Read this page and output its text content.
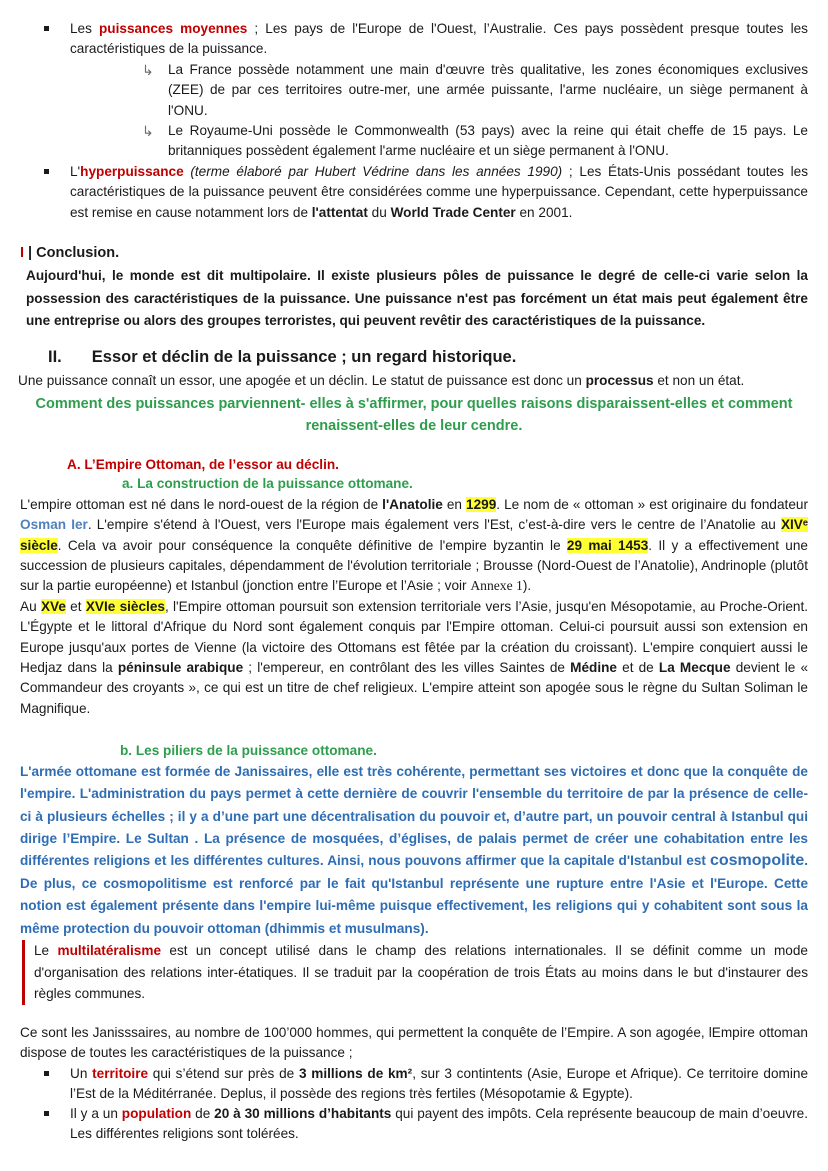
Les puissances moyennes ; Les pays de l'Europe de l'Ouest, l’Australie. Ces pays possèdent presque toutes les caractéristiques de la puissance.
↳ La France possède notamment une main d'œuvre très qualitative, les zones économiques exclusives (ZEE) de par ces territoires outre-mer, une armée puissante, l'arme nucléaire, un siège permanent à l'ONU.
↳ Le Royaume-Uni possède le Commonwealth (53 pays) avec la reine qui était cheffe de 15 pays. Le britanniques possèdent également l'arme nucléaire et un siège permanent à l'ONU.
L'hyperpuissance (terme élaboré par Hubert Védrine dans les années 1990) ; Les États-Unis possédant toutes les caractéristiques de la puissance peuvent être considérées comme une hyperpuissance. Cependant, cette hyperpuissance est remise en cause notamment lors de l'attentat du World Trade Center en 2001.

I | Conclusion.

Aujourd'hui, le monde est dit multipolaire. Il existe plusieurs pôles de puissance le degré de celle-ci varie selon la possession des caractéristiques de la puissance. Une puissance n'est pas forcément un état mais peut également être une entreprise ou alors des groupes terroristes, qui peuvent revêtir des caractéristiques de la puissance.

II. Essor et déclin de la puissance ; un regard historique.

Une puissance connaît un essor, une apogée et un déclin. Le statut de puissance est donc un processus et non un état.

Comment des puissances parviennent- elles à s'affirmer, pour quelles raisons disparaissent-elles et comment renaissent-elles de leur cendre.

A. L’Empire Ottoman, de l’essor au déclin.

a. La construction de la puissance ottomane.

L'empire ottoman est né dans le nord-ouest de la région de l'Anatolie en 1299. Le nom de « ottoman » est originaire du fondateur Osman Ier. L'empire s'étend à l'Ouest, vers l'Europe mais également vers l'Est, c’est-à-dire vers le centre de l’Anatolie au XIVᵉ siècle. Cela va avoir pour conséquence la conquête définitive de l'empire byzantin le 29 mai 1453. Il y a effectivement une succession de plusieurs capitales, dépendamment de l'évolution territoriale ; Brousse (Nord-Ouest de l’Anatolie), Andrinople (plutôt sur la partie européenne) et Istanbul (jonction entre l’Europe et l’Asie ; voir Annexe 1).

Au XVe et XVIe siècles, l'Empire ottoman poursuit son extension territoriale vers l’Asie, jusqu'en Mésopotamie, au Proche-Orient. L'Égypte et le littoral d'Afrique du Nord sont également conquis par l'Empire ottoman. Celui-ci poursuit aussi son extension en Europe jusqu'aux portes de Vienne (la victoire des Ottomans est fêtée par la création du croissant). L'empire conquiert aussi le Hedjaz dans la péninsule arabique ; l'empereur, en contrôlant des les villes Saintes de Médine et de La Mecque devient le « Commandeur des croyants », ce qui est un titre de chef religieux. L'empire atteint son apogée sous le règne du Sultan Soliman le Magnifique.

b. Les piliers de la puissance ottomane.

L'armée ottomane est formée de Janissaires, elle est très cohérente, permettant ses victoires et donc que la conquête de l'empire. L'administration du pays permet à cette dernière de couvrir l'ensemble du territoire de par la présence de celle-ci à plusieurs échelles ; il y a d’une part une décentralisation du pouvoir et, d’autre part, un pouvoir central à Istanbul qui dirige l’Empire. Le Sultan . La présence de mosquées, d’églises, de palais permet de créer une cohabitation entre les différentes religions et les différentes cultures. Ainsi, nous pouvons affirmer que la capitale d'Istanbul est cosmopolite. De plus, ce cosmopolitisme est renforcé par le fait qu'Istanbul représente une rupture entre l'Asie et l'Europe. Cette notion est également présente dans l'empire lui-même puisque effectivement, les religions qui y cohabitent sont sous la même protection du pouvoir ottoman (dhimmis et musulmans).

Le multilatéralisme est un concept utilisé dans le champ des relations internationales. Il se définit comme un mode d'organisation des relations inter-étatiques. Il se traduit par la coopération de trois États au moins dans le but d'instaurer des règles communes.

Ce sont les Janisssaires, au nombre de 100’000 hommes, qui permettent la conquête de l’Empire. A son agogée, lEmpire ottoman dispose de toutes les caractéristiques de la puissance ;

Un territoire qui s’étend sur près de 3 millions de km², sur 3 contintents (Asie, Europe et Afrique). Ce territoire domine l’Est de la Méditérranée. Deplus, il possède des regions très fertiles (Mésopotamie & Egypte).
Il y a un population de 20 à 30 millions d’habitants qui payent des impôts. Cela représente beaucoup de main d’oeuvre. Les différentes religions sont tolérées.
